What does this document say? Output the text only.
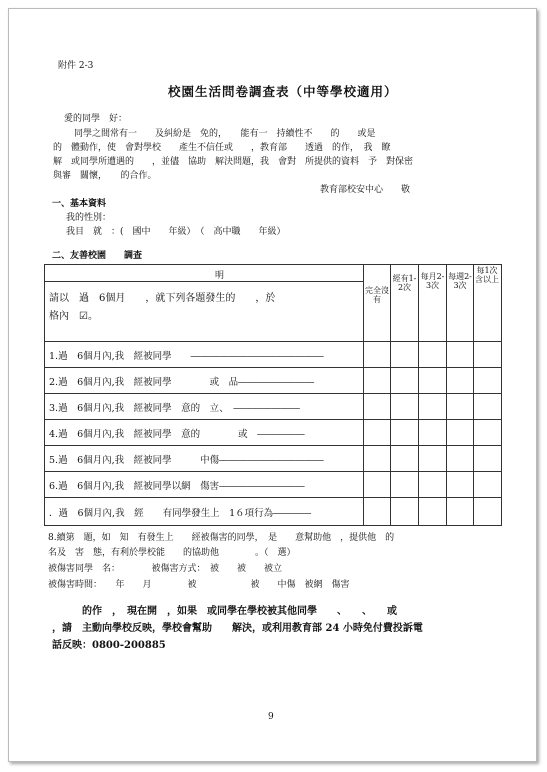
附件 2-3
校園生活問卷調查表（中等學校適用）
愛的同學　好：
同學之間常有一　　及糾紛是　免的，　　能有一　持續性不　　的　　或是
的　體動作，使　會對學校　　產生不信任或　　，教育部　　透過　的作，　我　瞭
解　或同學所遭遇的　　，並儘　協助　解決問題，我　會對　所提供的資料　予　對保密
與審　關懷，　　的合作。
教育部校安中心　　敬
一、基本資料
我的性別：
我目　就　：(　國中　　年級）　（　高中職　　年級）
二、友善校園　　調查
明
請以　過　6個月　　，就下列各題發生的　　，於
格內　☑。
完全沒有
經有1-2次
每月2-3次
每週2-3次
每1次含以上
1.過　6個月內,我　經被同學　　――――――――――――――
2.過　6個月內,我　經被同學　　　　或　品――――――――
3.過　6個月內,我　經被同學　意的　立、　―――――――
4.過　6個月內,我　經被同學　意的　　　　或　―――――
5.過　6個月內,我　經被同學　　　中傷―――――――――――
6.過　6個月內,我　經被同學以網　傷害―――――――――
．過　6個月內,我　經　　有同學發生上　1６項行為――――
8.續第　題，如　知　有發生上　　經被傷害的同學，　是　　意幫助他　，提供他　的
名及　害　態，有利於學校能　　的協助他　　　　。（　選）
被傷害同學　名：　　　　被傷害方式：　被　　被　　被立
被傷害時間：　　年　　月　　　　被　　　　　　被　　中傷　被網　傷害
的作　，　現在開　，如果　或同學在學校被其他同學　　、　　、　　或
，請　主動向學校反映，學校會幫助　　解決，或利用教育部 24 小時免付費投訴電
話反映：0800-200885
9
